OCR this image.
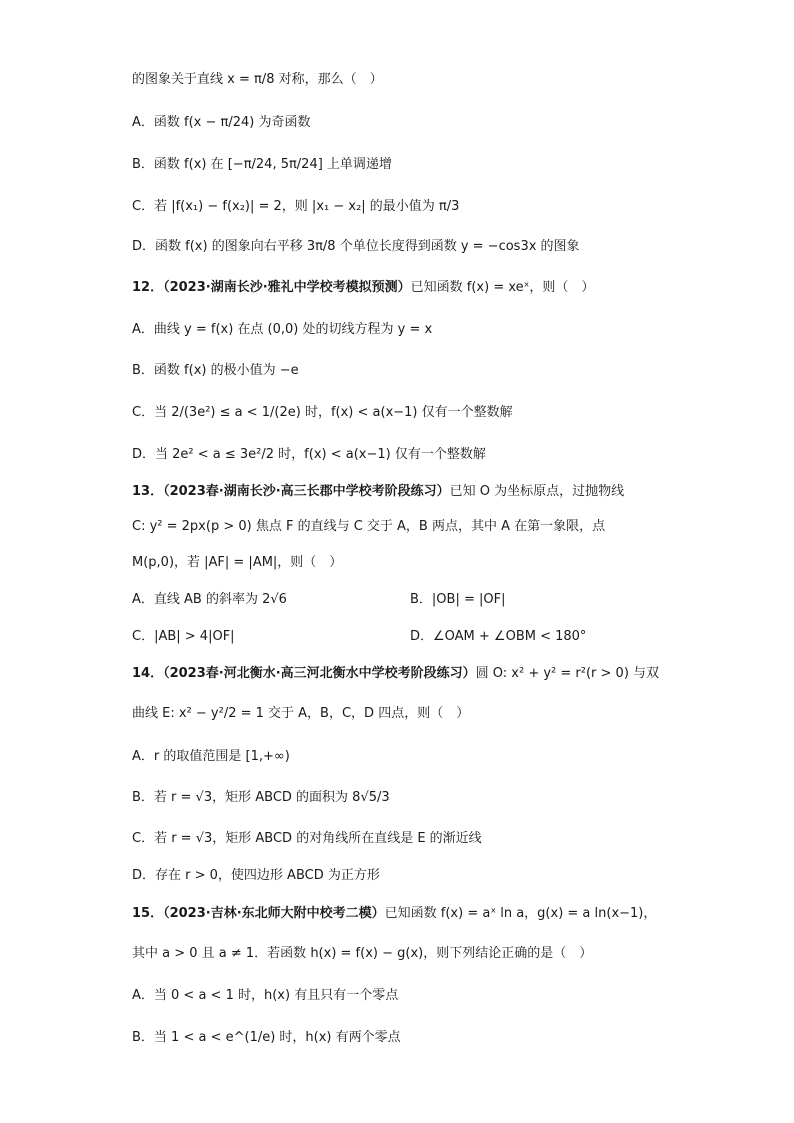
的图象关于直线 x = π/8 对称，那么（　）
A．函数 f(x − π/24) 为奇函数
B．函数 f(x) 在 [−π/24, 5π/24] 上单调递增
C．若 |f(x₁) − f(x₂)| = 2，则 |x₁ − x₂| 的最小值为 π/3
D．函数 f(x) 的图象向右平移 3π/8 个单位长度得到函数 y = −cos3x 的图象
12．（2023·湖南长沙·雅礼中学校考模拟预测）已知函数 f(x) = xeˣ，则（　）
A．曲线 y = f(x) 在点 (0,0) 处的切线方程为 y = x
B．函数 f(x) 的极小值为 −e
C．当 2/(3e²) ≤ a < 1/(2e) 时，f(x) < a(x−1) 仅有一个整数解
D．当 2e² < a ≤ 3e²/2 时，f(x) < a(x−1) 仅有一个整数解
13．（2023春·湖南长沙·高三长郡中学校考阶段练习）已知 O 为坐标原点，过抛物线
C: y² = 2px(p > 0) 焦点 F 的直线与 C 交于 A，B 两点，其中 A 在第一象限，点
M(p,0)，若 |AF| = |AM|，则（　）
A．直线 AB 的斜率为 2√6	B．|OB| = |OF|
C．|AB| > 4|OF|	D．∠OAM + ∠OBM < 180°
14．（2023春·河北衡水·高三河北衡水中学校考阶段练习）圆 O: x² + y² = r²(r > 0) 与双
曲线 E: x² − y²/2 = 1 交于 A，B，C，D 四点，则（　）
A．r 的取值范围是 [1,+∞)
B．若 r = √3，矩形 ABCD 的面积为 8√5/3
C．若 r = √3，矩形 ABCD 的对角线所在直线是 E 的渐近线
D．存在 r > 0，使四边形 ABCD 为正方形
15．（2023·吉林·东北师大附中校考二模）已知函数 f(x) = aˣ ln a，g(x) = a ln(x−1)，
其中 a > 0 且 a ≠ 1．若函数 h(x) = f(x) − g(x)，则下列结论正确的是（　）
A．当 0 < a < 1 时，h(x) 有且只有一个零点
B．当 1 < a < e^(1/e) 时，h(x) 有两个零点
